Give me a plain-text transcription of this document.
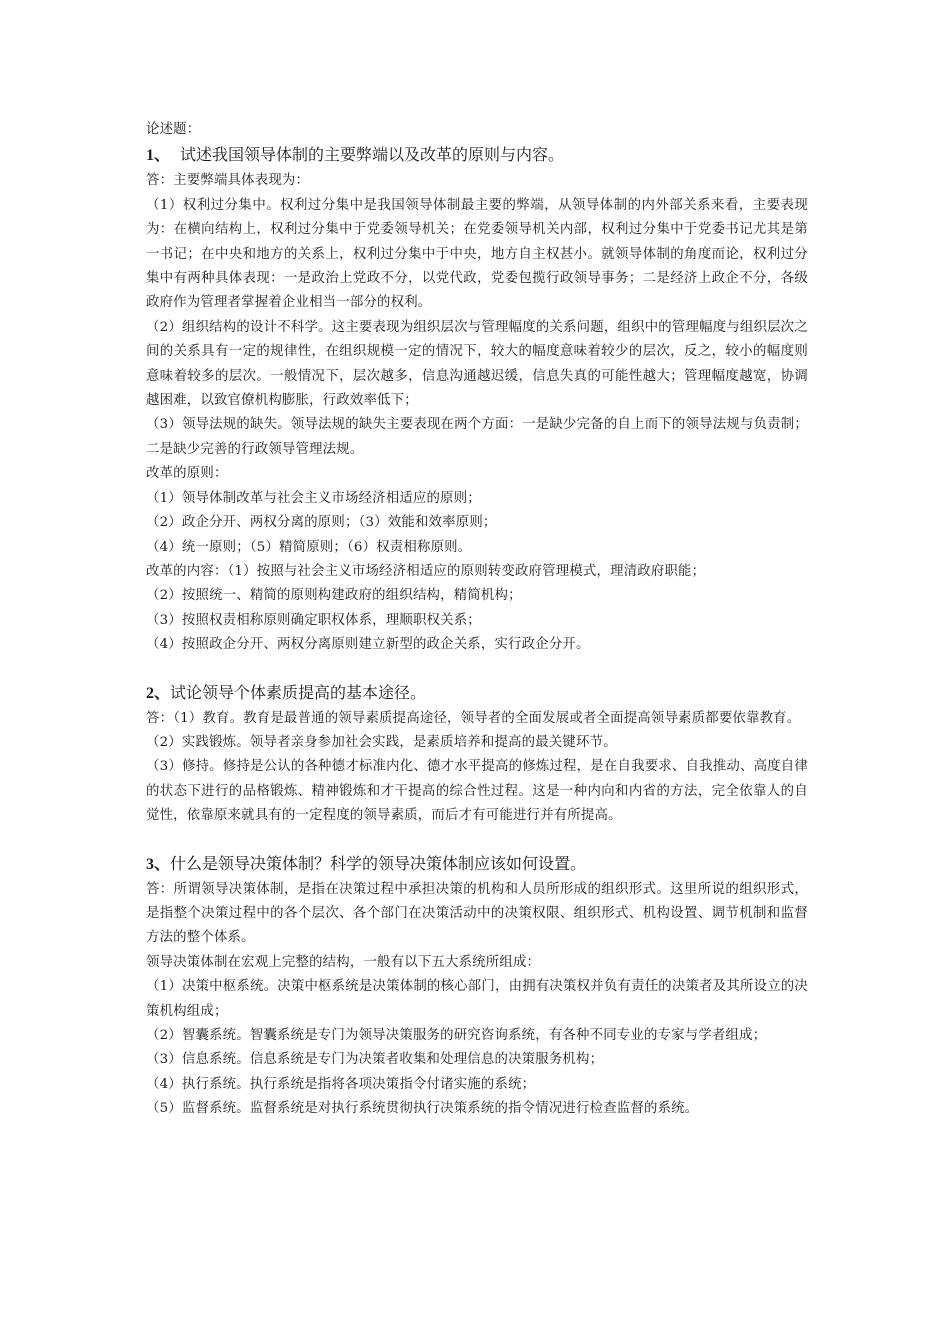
论述题：
1、 试述我国领导体制的主要弊端以及改革的原则与内容。
答：主要弊端具体表现为：
（1）权利过分集中。权利过分集中是我国领导体制最主要的弊端，从领导体制的内外部关系来看，主要表现为：在横向结构上，权利过分集中于党委领导机关；在党委领导机关内部，权利过分集中于党委书记尤其是第一书记；在中央和地方的关系上，权利过分集中于中央，地方自主权甚小。就领导体制的角度而论，权利过分集中有两种具体表现：一是政治上党政不分，以党代政，党委包揽行政领导事务；二是经济上政企不分，各级政府作为管理者掌握着企业相当一部分的权利。
（2）组织结构的设计不科学。这主要表现为组织层次与管理幅度的关系问题，组织中的管理幅度与组织层次之间的关系具有一定的规律性，在组织规模一定的情况下，较大的幅度意味着较少的层次，反之，较小的幅度则意味着较多的层次。一般情况下，层次越多，信息沟通越迟缓，信息失真的可能性越大；管理幅度越宽，协调越困难，以致官僚机构膨胀，行政效率低下；
（3）领导法规的缺失。领导法规的缺失主要表现在两个方面：一是缺少完备的自上而下的领导法规与负责制；二是缺少完善的行政领导管理法规。
改革的原则：
（1）领导体制改革与社会主义市场经济相适应的原则；
（2）政企分开、两权分离的原则；（3）效能和效率原则；
（4）统一原则；（5）精简原则；（6）权责相称原则。
改革的内容：（1）按照与社会主义市场经济相适应的原则转变政府管理模式，理清政府职能；
（2）按照统一、精简的原则构建政府的组织结构，精简机构；
（3）按照权责相称原则确定职权体系，理顺职权关系；
（4）按照政企分开、两权分离原则建立新型的政企关系，实行政企分开。
2、试论领导个体素质提高的基本途径。
答：（1）教育。教育是最普通的领导素质提高途径，领导者的全面发展或者全面提高领导素质都要依靠教育。
（2）实践锻炼。领导者亲身参加社会实践，是素质培养和提高的最关键环节。
（3）修持。修持是公认的各种德才标准内化、德才水平提高的修炼过程，是在自我要求、自我推动、高度自律的状态下进行的品格锻炼、精神锻炼和才干提高的综合性过程。这是一种内向和内省的方法，完全依靠人的自觉性，依靠原来就具有的一定程度的领导素质，而后才有可能进行并有所提高。
3、什么是领导决策体制？科学的领导决策体制应该如何设置。
答：所谓领导决策体制，是指在决策过程中承担决策的机构和人员所形成的组织形式。这里所说的组织形式，是指整个决策过程中的各个层次、各个部门在决策活动中的决策权限、组织形式、机构设置、调节机制和监督方法的整个体系。
领导决策体制在宏观上完整的结构，一般有以下五大系统所组成：
（1）决策中枢系统。决策中枢系统是决策体制的核心部门，由拥有决策权并负有责任的决策者及其所设立的决策机构组成；
（2）智囊系统。智囊系统是专门为领导决策服务的研究咨询系统，有各种不同专业的专家与学者组成；
（3）信息系统。信息系统是专门为决策者收集和处理信息的决策服务机构；
（4）执行系统。执行系统是指将各项决策指令付诸实施的系统；
（5）监督系统。监督系统是对执行系统贯彻执行决策系统的指令情况进行检查监督的系统。
